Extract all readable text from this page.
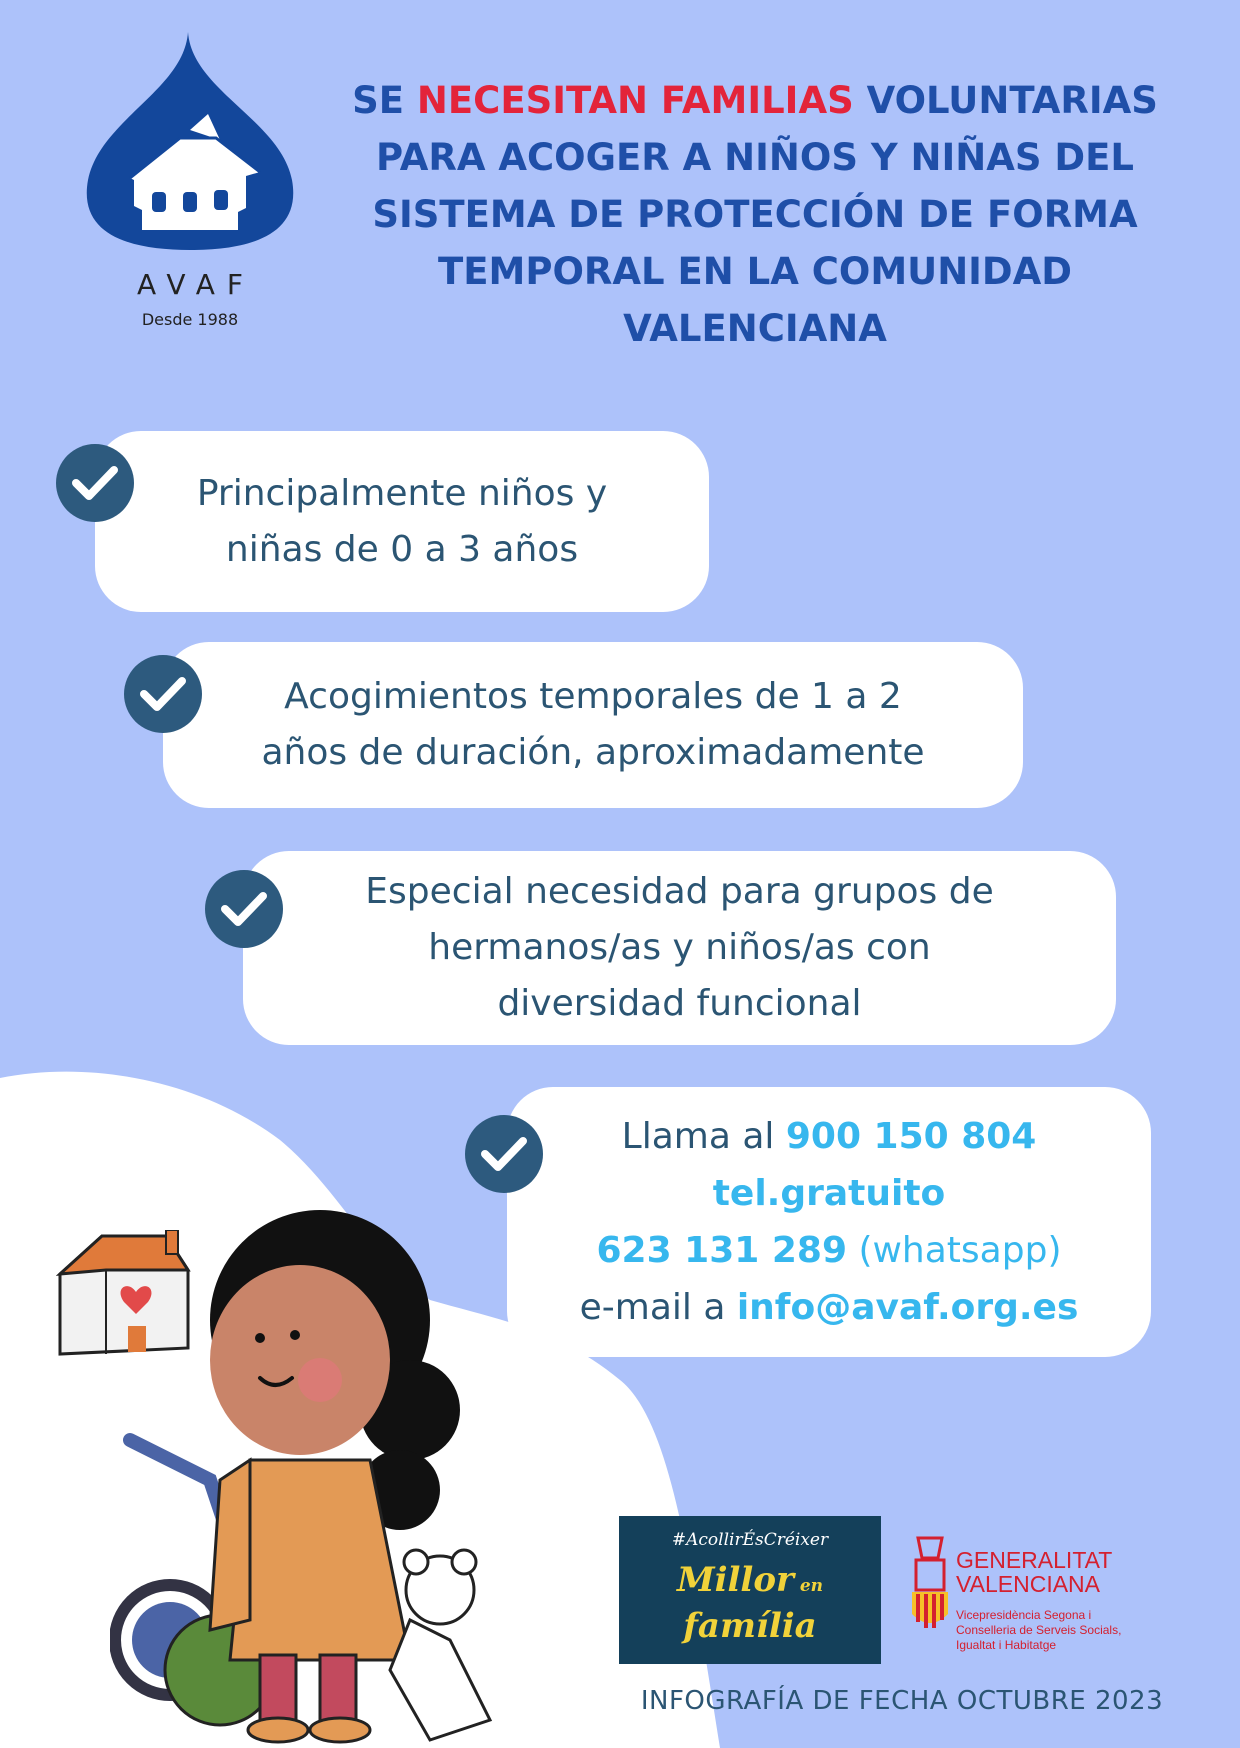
AVAF
Desde 1988
SE NECESITAN FAMILIAS VOLUNTARIAS PARA ACOGER A NIÑOS Y NIÑAS DEL SISTEMA DE PROTECCIÓN DE FORMA TEMPORAL EN LA COMUNIDAD VALENCIANA
Principalmente niños y
niñas de 0 a 3 años
Acogimientos temporales de 1 a 2
años de duración, aproximadamente
Especial necesidad para grupos de
hermanos/as y niños/as con
diversidad funcional
Llama al 900 150 804
tel.gratuito
623 131 289 (whatsapp)
e-mail a info@avaf.org.es
#AcollirÉsCréixer
Millor en
família
GENERALITAT
VALENCIANA
Vicepresidència Segona i
Conselleria de Serveis Socials,
Igualtat i Habitatge
INFOGRAFÍA DE FECHA OCTUBRE 2023
